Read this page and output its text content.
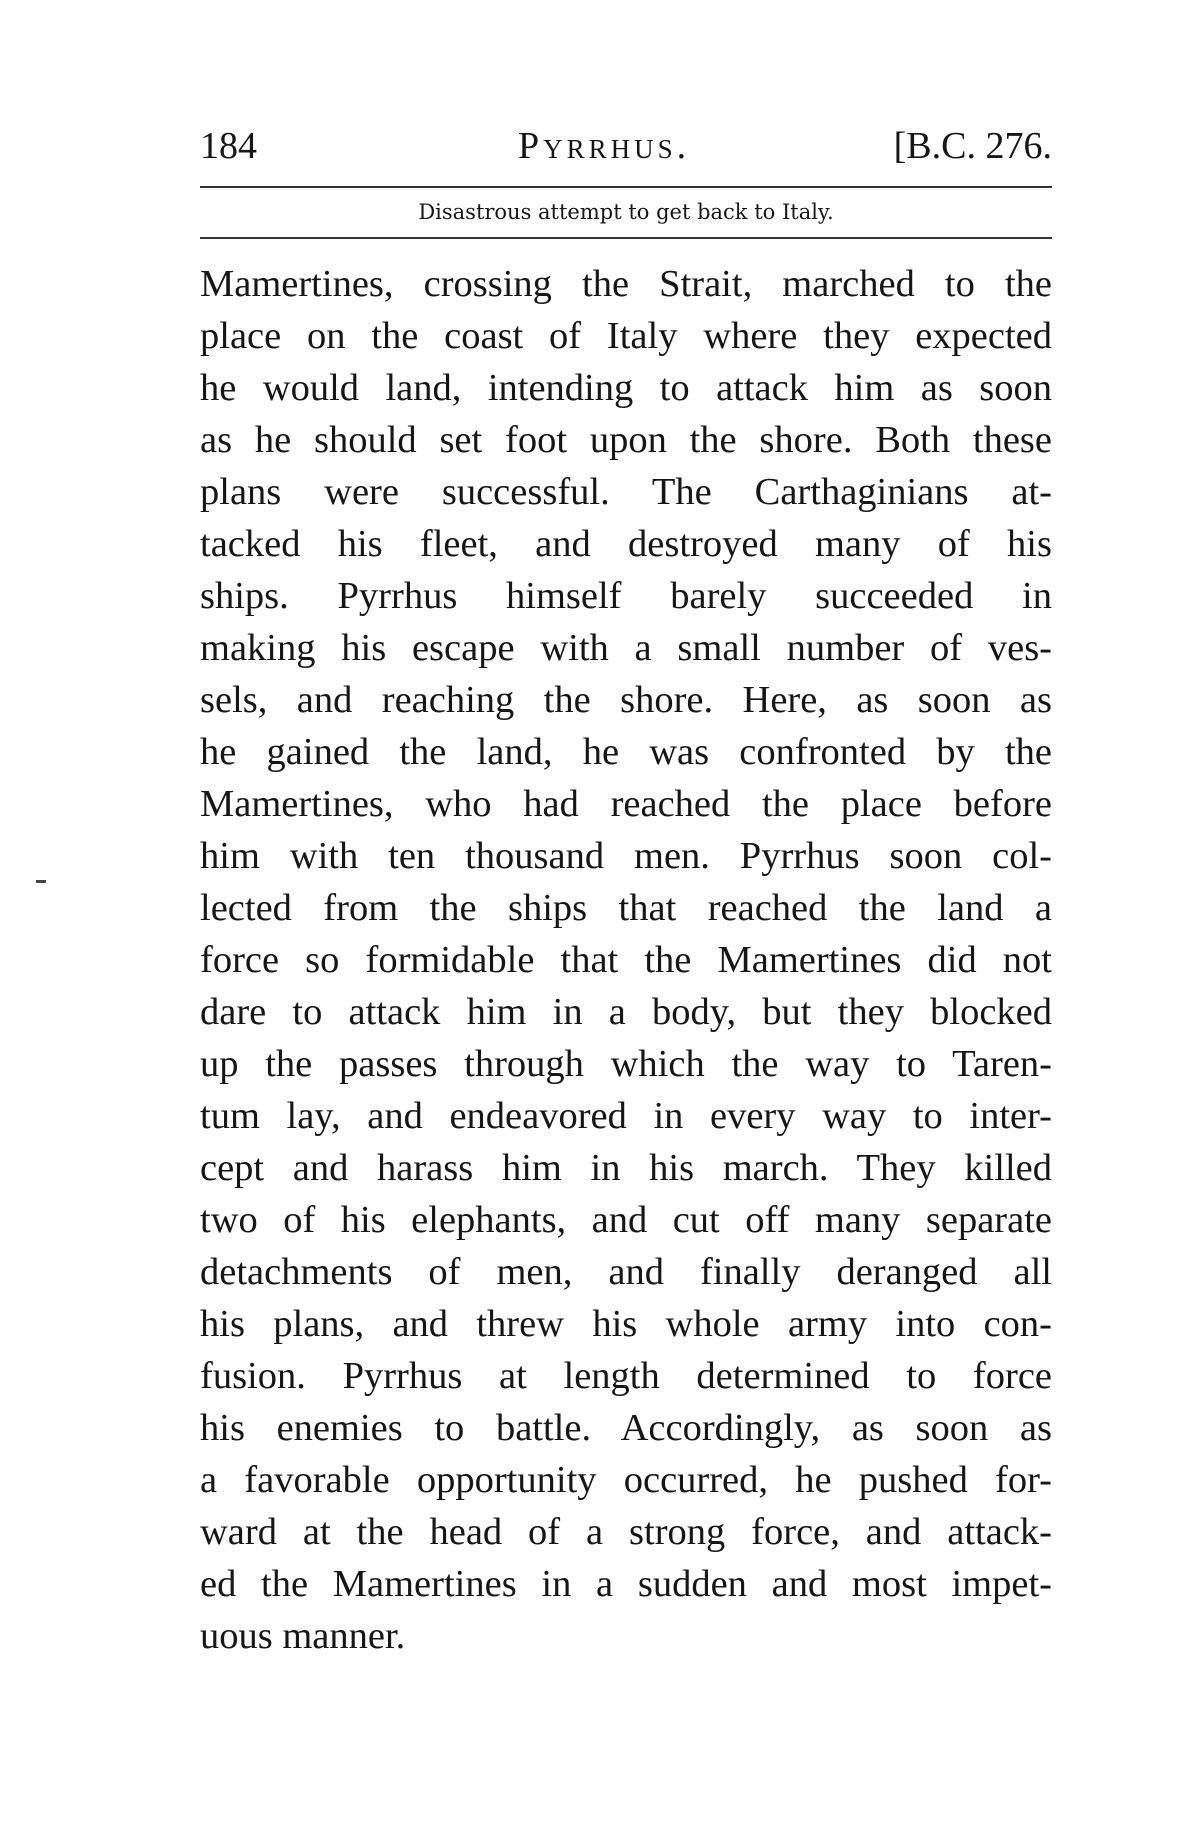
184	Pyrrhus.	[B.C. 276.
Disastrous attempt to get back to Italy.
Mamertines, crossing the Strait, marched to the
place on the coast of Italy where they expected
he would land, intending to attack him as soon
as he should set foot upon the shore. Both these
plans were successful. The Carthaginians at-
tacked his fleet, and destroyed many of his
ships. Pyrrhus himself barely succeeded in
making his escape with a small number of ves-
sels, and reaching the shore. Here, as soon as
he gained the land, he was confronted by the
Mamertines, who had reached the place before
him with ten thousand men. Pyrrhus soon col-
lected from the ships that reached the land a
force so formidable that the Mamertines did not
dare to attack him in a body, but they blocked
up the passes through which the way to Taren-
tum lay, and endeavored in every way to inter-
cept and harass him in his march. They killed
two of his elephants, and cut off many separate
detachments of men, and finally deranged all
his plans, and threw his whole army into con-
fusion. Pyrrhus at length determined to force
his enemies to battle. Accordingly, as soon as
a favorable opportunity occurred, he pushed for-
ward at the head of a strong force, and attack-
ed the Mamertines in a sudden and most impet-
uous manner.
